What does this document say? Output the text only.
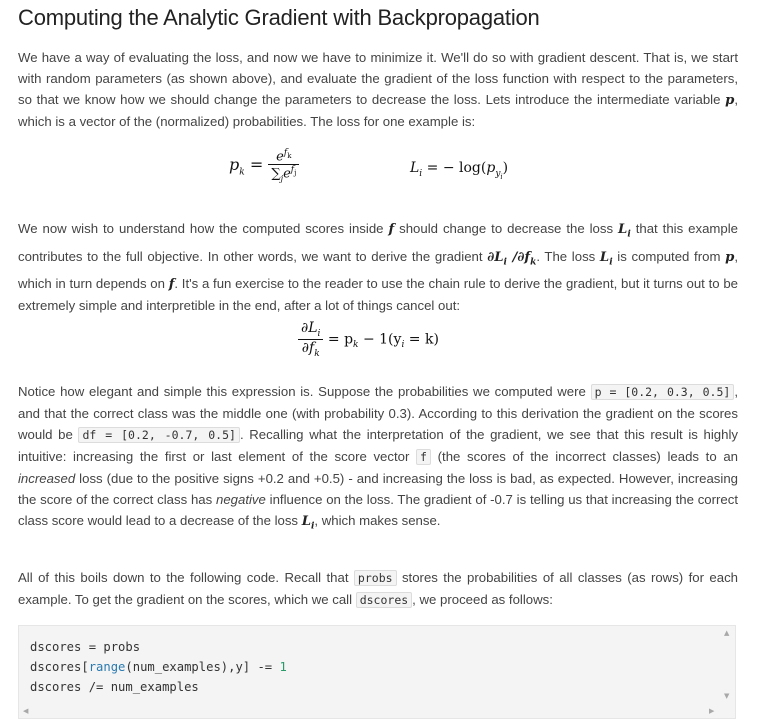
Computing the Analytic Gradient with Backpropagation

We have a way of evaluating the loss, and now we have to minimize it. We'll do so with gradient descent. That is, we start with random parameters (as shown above), and evaluate the gradient of the loss function with respect to the parameters, so that we know how we should change the parameters to decrease the loss. Lets introduce the intermediate variable p, which is a vector of the (normalized) probabilities. The loss for one example is:

$p_k = \frac{e^{f_k}}{\sum_je^{f_j}}$	$L_i$ = − $\log(p_{y_i})$

We now wish to understand how the computed scores inside f should change to decrease the loss $L_i$ that this example contributes to the full objective. In other words, we want to derive the gradient $\partial L_i$ $/\partial f_k$. The loss $L_i$ is computed from p, which in turn depends on f. It's a fun exercise to the reader to use the chain rule to derive the gradient, but it turns out to be extremely simple and interpretible in the end, after a lot of things cancel out:

$\frac{\partial L_i}{\partial f_k} = p_k - 1(y_i = k)$

Notice how elegant and simple this expression is. Suppose the probabilities we computed were p = [0.2, 0.3, 0.5] , and that the correct class was the middle one (with probability 0.3). According to this derivation the gradient on the scores would be df = [0.2, -0.7, 0.5] . Recalling what the interpretation of the gradient, we see that this result is highly intuitive: increasing the first or last element of the score vector f (the scores of the incorrect classes) leads to an increased loss (due to the positive signs +0.2 and +0.5) - and increasing the loss is bad, as expected. However, increasing the score of the correct class has negative influence on the loss. The gradient of -0.7 is telling us that increasing the correct class score would lead to a decrease of the loss $L_i$, which makes sense.

All of this boils down to the following code. Recall that probs stores the probabilities of all classes (as rows) for each example. To get the gradient on the scores, which we call dscores , we proceed as follows:

dscores = probs
dscores[range(num_examples),y] -= 1
dscores /= num_examples
▲
▼
◀	▶
